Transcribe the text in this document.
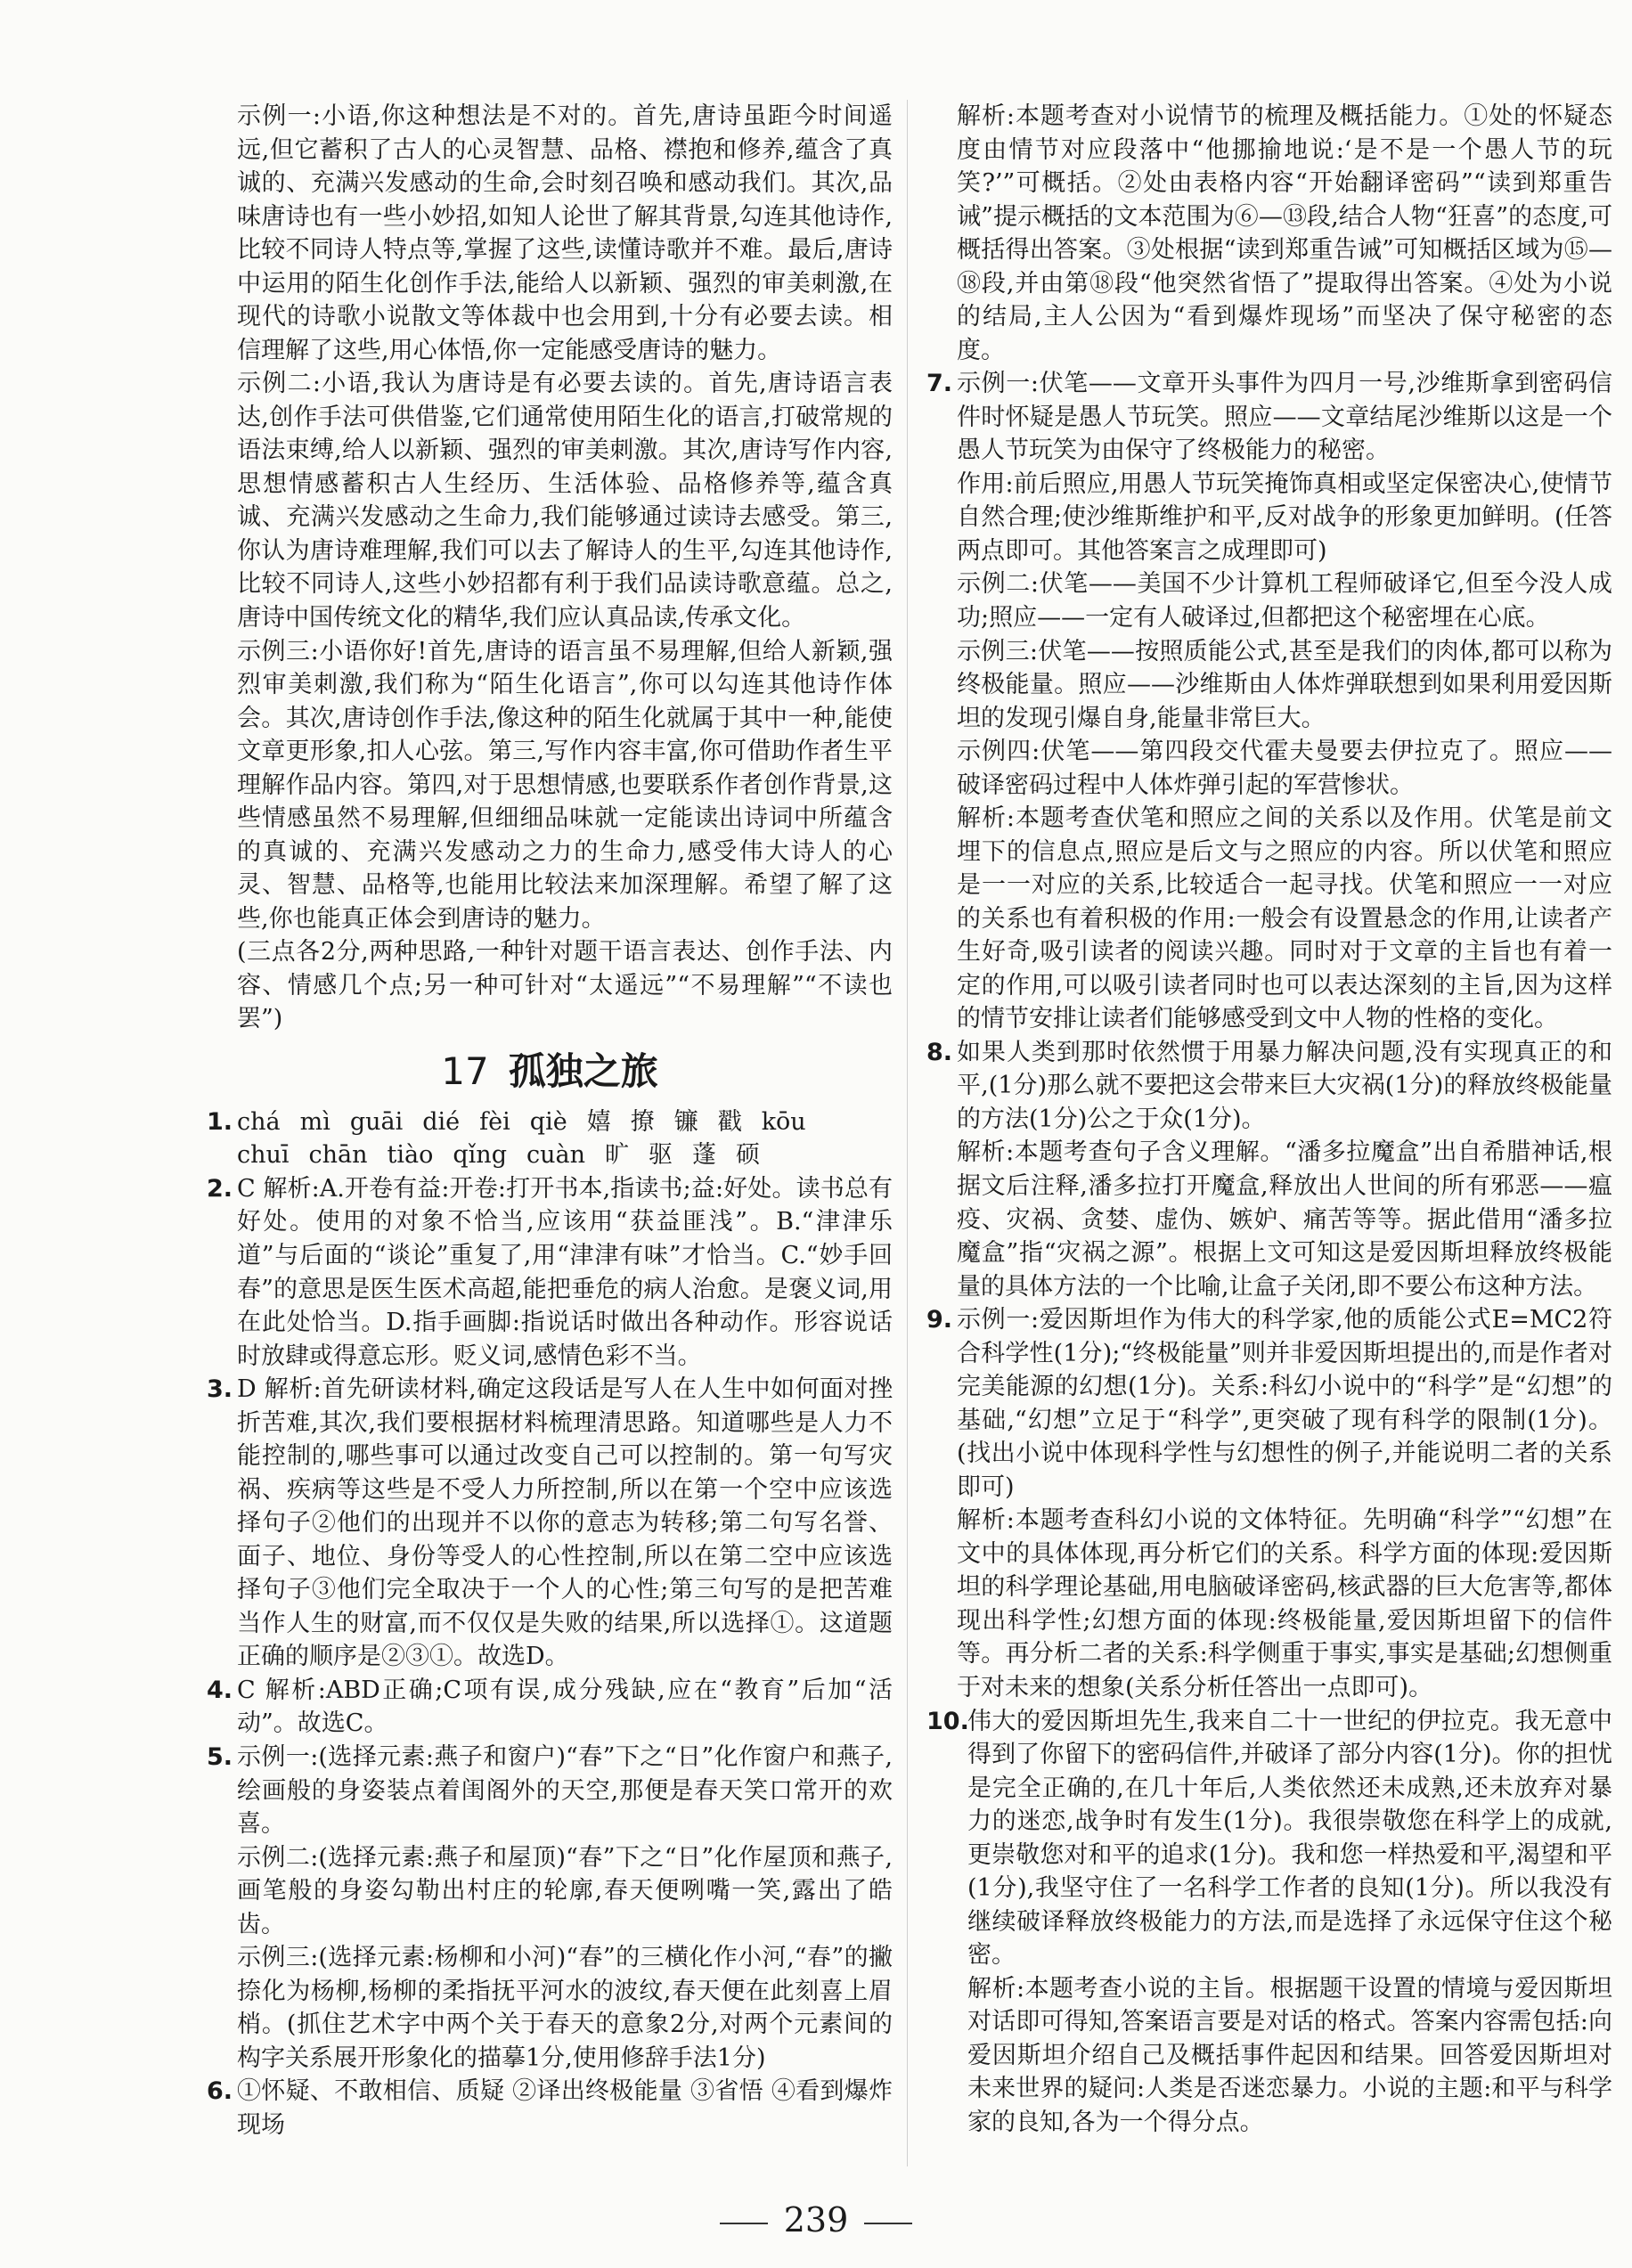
示例一:小语,你这种想法是不对的。首先,唐诗虽距今时间遥远,但它蓄积了古人的心灵智慧、品格、襟抱和修养,蕴含了真诚的、充满兴发感动的生命,会时刻召唤和感动我们。其次,品味唐诗也有一些小妙招,如知人论世了解其背景,勾连其他诗作,比较不同诗人特点等,掌握了这些,读懂诗歌并不难。最后,唐诗中运用的陌生化创作手法,能给人以新颖、强烈的审美刺激,在现代的诗歌小说散文等体裁中也会用到,十分有必要去读。相信理解了这些,用心体悟,你一定能感受唐诗的魅力。

示例二:小语,我认为唐诗是有必要去读的。首先,唐诗语言表达,创作手法可供借鉴,它们通常使用陌生化的语言,打破常规的语法束缚,给人以新颖、强烈的审美刺激。其次,唐诗写作内容,思想情感蓄积古人生经历、生活体验、品格修养等,蕴含真诚、充满兴发感动之生命力,我们能够通过读诗去感受。第三,你认为唐诗难理解,我们可以去了解诗人的生平,勾连其他诗作,比较不同诗人,这些小妙招都有利于我们品读诗歌意蕴。总之,唐诗中国传统文化的精华,我们应认真品读,传承文化。

示例三:小语你好!首先,唐诗的语言虽不易理解,但给人新颖,强烈审美刺激,我们称为“陌生化语言”,你可以勾连其他诗作体会。其次,唐诗创作手法,像这种的陌生化就属于其中一种,能使文章更形象,扣人心弦。第三,写作内容丰富,你可借助作者生平理解作品内容。第四,对于思想情感,也要联系作者创作背景,这些情感虽然不易理解,但细细品味就一定能读出诗词中所蕴含的真诚的、充满兴发感动之力的生命力,感受伟大诗人的心灵、智慧、品格等,也能用比较法来加深理解。希望了解了这些,你也能真正体会到唐诗的魅力。

(三点各2分,两种思路,一种针对题干语言表达、创作手法、内容、情感几个点;另一种可针对“太遥远”“不易理解”“不读也罢”)

17 孤独之旅
1. chá mì guāi dié fèi qiè 嬉 撩 镰 戳 kōu
chuī chān tiào qǐng cuàn 旷 驱 蓬 硕
2. C 解析:A.开卷有益:开卷:打开书本,指读书;益:好处。读书总有好处。使用的对象不恰当,应该用“获益匪浅”。B.“津津乐道”与后面的“谈论”重复了,用“津津有味”才恰当。C.“妙手回春”的意思是医生医术高超,能把垂危的病人治愈。是褒义词,用在此处恰当。D.指手画脚:指说话时做出各种动作。形容说话时放肆或得意忘形。贬义词,感情色彩不当。

3. D 解析:首先研读材料,确定这段话是写人在人生中如何面对挫折苦难,其次,我们要根据材料梳理清思路。知道哪些是人力不能控制的,哪些事可以通过改变自己可以控制的。第一句写灾祸、疾病等这些是不受人力所控制,所以在第一个空中应该选择句子②他们的出现并不以你的意志为转移;第二句写名誉、面子、地位、身份等受人的心性控制,所以在第二空中应该选择句子③他们完全取决于一个人的心性;第三句写的是把苦难当作人生的财富,而不仅仅是失败的结果,所以选择①。这道题正确的顺序是②③①。故选D。

4. C 解析:ABD正确;C项有误,成分残缺,应在“教育”后加“活动”。故选C。

5. 示例一:(选择元素:燕子和窗户)“春”下之“日”化作窗户和燕子,绘画般的身姿装点着闺阁外的天空,那便是春天笑口常开的欢喜。

示例二:(选择元素:燕子和屋顶)“春”下之“日”化作屋顶和燕子,画笔般的身姿勾勒出村庄的轮廓,春天便咧嘴一笑,露出了皓齿。

示例三:(选择元素:杨柳和小河)“春”的三横化作小河,“春”的撇捺化为杨柳,杨柳的柔指抚平河水的波纹,春天便在此刻喜上眉梢。(抓住艺术字中两个关于春天的意象2分,对两个元素间的构字关系展开形象化的描摹1分,使用修辞手法1分)

6. ①怀疑、不敢相信、质疑 ②译出终极能量 ③省悟 ④看到爆炸现场

解析:本题考查对小说情节的梳理及概括能力。①处的怀疑态度由情节对应段落中“他挪揄地说:‘是不是一个愚人节的玩笑?’”可概括。②处由表格内容“开始翻译密码”“读到郑重告诫”提示概括的文本范围为⑥—⑬段,结合人物“狂喜”的态度,可概括得出答案。③处根据“读到郑重告诫”可知概括区域为⑮—⑱段,并由第⑱段“他突然省悟了”提取得出答案。④处为小说的结局,主人公因为“看到爆炸现场”而坚决了保守秘密的态度。

7. 示例一:伏笔——文章开头事件为四月一号,沙维斯拿到密码信件时怀疑是愚人节玩笑。照应——文章结尾沙维斯以这是一个愚人节玩笑为由保守了终极能力的秘密。

作用:前后照应,用愚人节玩笑掩饰真相或坚定保密决心,使情节自然合理;使沙维斯维护和平,反对战争的形象更加鲜明。(任答两点即可。其他答案言之成理即可)

示例二:伏笔——美国不少计算机工程师破译它,但至今没人成功;照应——一定有人破译过,但都把这个秘密埋在心底。

示例三:伏笔——按照质能公式,甚至是我们的肉体,都可以称为终极能量。照应——沙维斯由人体炸弹联想到如果利用爱因斯坦的发现引爆自身,能量非常巨大。

示例四:伏笔——第四段交代霍夫曼要去伊拉克了。照应——破译密码过程中人体炸弹引起的军营惨状。

解析:本题考查伏笔和照应之间的关系以及作用。伏笔是前文埋下的信息点,照应是后文与之照应的内容。所以伏笔和照应是一一对应的关系,比较适合一起寻找。伏笔和照应一一对应的关系也有着积极的作用:一般会有设置悬念的作用,让读者产生好奇,吸引读者的阅读兴趣。同时对于文章的主旨也有着一定的作用,可以吸引读者同时也可以表达深刻的主旨,因为这样的情节安排让读者们能够感受到文中人物的性格的变化。

8. 如果人类到那时依然惯于用暴力解决问题,没有实现真正的和平,(1分)那么就不要把这会带来巨大灾祸(1分)的释放终极能量的方法(1分)公之于众(1分)。

解析:本题考查句子含义理解。“潘多拉魔盒”出自希腊神话,根据文后注释,潘多拉打开魔盒,释放出人世间的所有邪恶——瘟疫、灾祸、贪婪、虚伪、嫉妒、痛苦等等。据此借用“潘多拉魔盒”指“灾祸之源”。根据上文可知这是爱因斯坦释放终极能量的具体方法的一个比喻,让盒子关闭,即不要公布这种方法。

9. 示例一:爱因斯坦作为伟大的科学家,他的质能公式E=MC2符合科学性(1分);“终极能量”则并非爱因斯坦提出的,而是作者对完美能源的幻想(1分)。关系:科幻小说中的“科学”是“幻想”的基础,“幻想”立足于“科学”,更突破了现有科学的限制(1分)。(找出小说中体现科学性与幻想性的例子,并能说明二者的关系即可)

解析:本题考查科幻小说的文体特征。先明确“科学”“幻想”在文中的具体体现,再分析它们的关系。科学方面的体现:爱因斯坦的科学理论基础,用电脑破译密码,核武器的巨大危害等,都体现出科学性;幻想方面的体现:终极能量,爱因斯坦留下的信件等。再分析二者的关系:科学侧重于事实,事实是基础;幻想侧重于对未来的想象(关系分析任答出一点即可)。

10.

伟大的爱因斯坦先生,我来自二十一世纪的伊拉克。我无意中得到了你留下的密码信件,并破译了部分内容(1分)。你的担忧是完全正确的,在几十年后,人类依然还未成熟,还未放弃对暴力的迷恋,战争时有发生(1分)。我很崇敬您在科学上的成就,更崇敬您对和平的追求(1分)。我和您一样热爱和平,渴望和平(1分),我坚守住了一名科学工作者的良知(1分)。所以我没有继续破译释放终极能力的方法,而是选择了永远保守住这个秘密。

解析:本题考查小说的主旨。根据题干设置的情境与爱因斯坦对话即可得知,答案语言要是对话的格式。答案内容需包括:向爱因斯坦介绍自己及概括事件起因和结果。回答爱因斯坦对未来世界的疑问:人类是否迷恋暴力。小说的主题:和平与科学家的良知,各为一个得分点。

239
